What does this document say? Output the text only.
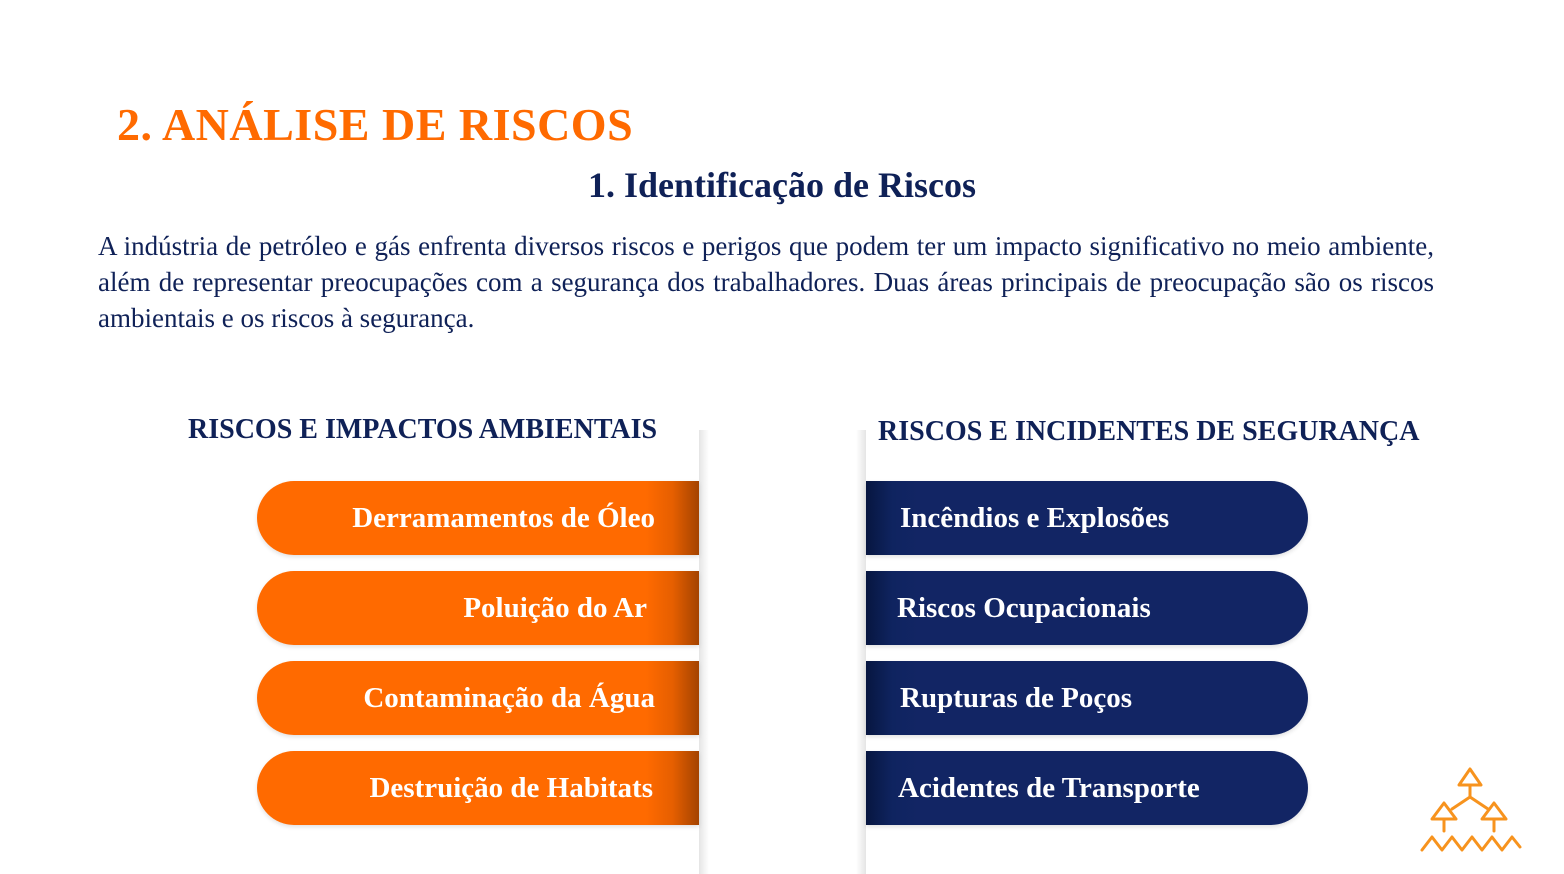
2. ANÁLISE DE RISCOS
1. Identificação de Riscos

A indústria de petróleo e gás enfrenta diversos riscos e perigos que podem ter um impacto significativo no meio ambiente, além de representar preocupações com a segurança dos trabalhadores. Duas áreas principais de preocupação são os riscos ambientais e os riscos à segurança.

RISCOS E IMPACTOS AMBIENTAIS	RISCOS E INCIDENTES DE SEGURANÇA
Derramamentos de Óleo
Poluição do Ar
Contaminação da Água
Destruição de Habitats
Incêndios e Explosões
Riscos Ocupacionais
Rupturas de Poços
Acidentes de Transporte
